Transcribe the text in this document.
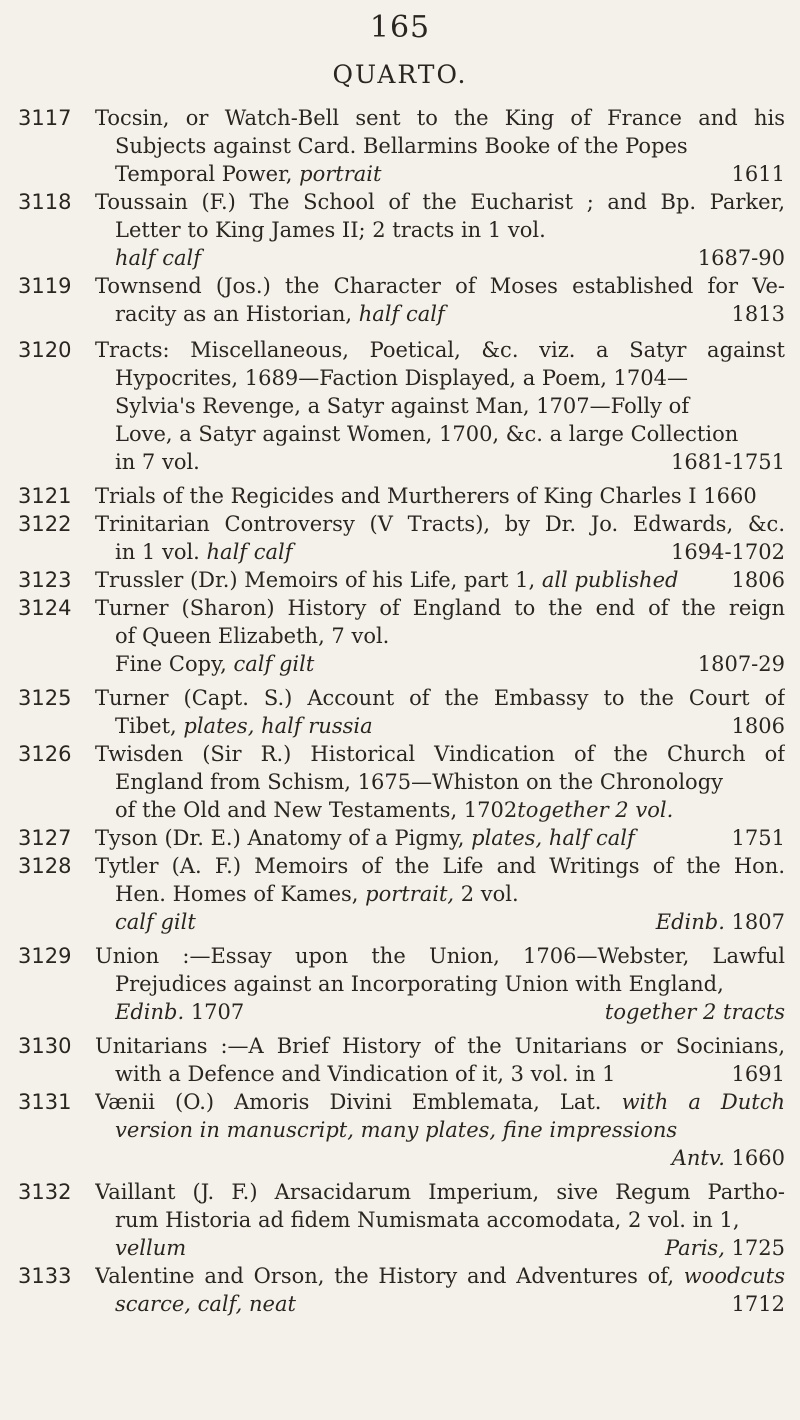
165
QUARTO.
3117	Tocsin, or Watch-Bell sent to the King of France and his
Subjects against Card. Bellarmins Booke of the Popes
Temporal Power, portrait	1611
3118	Toussain (F.) The School of the Eucharist ; and Bp. Parker,
Letter to King James II; 2 tracts in 1 vol.
half calf	1687-90
3119	Townsend (Jos.) the Character of Moses established for Ve-
racity as an Historian, half calf	1813
3120	Tracts: Miscellaneous, Poetical, &c. viz. a Satyr against
Hypocrites, 1689—Faction Displayed, a Poem, 1704—
Sylvia's Revenge, a Satyr against Man, 1707—Folly of
Love, a Satyr against Women, 1700, &c. a large Collection
in 7 vol.	1681-1751
3121	Trials of the Regicides and Murtherers of King Charles I 1660
3122	Trinitarian Controversy (V Tracts), by Dr. Jo. Edwards, &c.
in 1 vol. half calf	1694-1702
3123	Trussler (Dr.) Memoirs of his Life, part 1, all published	1806
3124	Turner (Sharon) History of England to the end of the reign
of Queen Elizabeth, 7 vol.
Fine Copy, calf gilt	1807-29
3125	Turner (Capt. S.) Account of the Embassy to the Court of
Tibet, plates, half russia	1806
3126	Twisden (Sir R.) Historical Vindication of the Church of
England from Schism, 1675—Whiston on the Chronology
of the Old and New Testaments, 1702together 2 vol.
3127	Tyson (Dr. E.) Anatomy of a Pigmy, plates, half calf	1751
3128	Tytler (A. F.) Memoirs of the Life and Writings of the Hon.
Hen. Homes of Kames, portrait, 2 vol.
calf gilt	Edinb. 1807
3129	Union :—Essay upon the Union, 1706—Webster, Lawful
Prejudices against an Incorporating Union with England,
Edinb. 1707	together 2 tracts
3130	Unitarians :—A Brief History of the Unitarians or Socinians,
with a Defence and Vindication of it, 3 vol. in 1	1691
3131	Vænii (O.) Amoris Divini Emblemata, Lat. with a Dutch
version in manuscript, many plates, fine impressions
Antv. 1660
3132	Vaillant (J. F.) Arsacidarum Imperium, sive Regum Partho-
rum Historia ad fidem Numismata accomodata, 2 vol. in 1,
vellum	Paris, 1725
3133	Valentine and Orson, the History and Adventures of, woodcuts
scarce, calf, neat	1712
